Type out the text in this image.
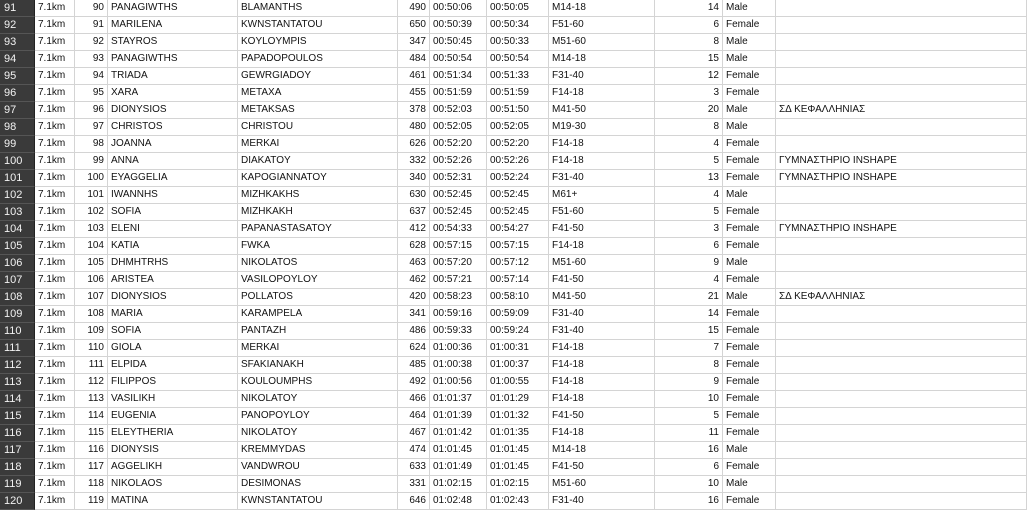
91	7.1km	90 PANAGIWTHS	BLAMANTHS	490 00:50:06	00:50:05	M14-18	14 Male
92	7.1km	91 MARILENA	KWNSTANTATOU	650 00:50:39	00:50:34	F51-60	6 Female
93	7.1km	92 STAYROS	KOYLOYMPIS	347 00:50:45	00:50:33	M51-60	8 Male
94	7.1km	93 PANAGIWTHS	PAPADOPOULOS	484 00:50:54	00:50:54	M14-18	15 Male
95	7.1km	94 TRIADA	GEWRGIADOY	461 00:51:34	00:51:33	F31-40	12 Female
96	7.1km	95 XARA	METAXA	455 00:51:59	00:51:59	F14-18	3 Female
97	7.1km	96 DIONYSIOS	METAKSAS	378 00:52:03	00:51:50	M41-50	20 Male	ΣΔ ΚΕΦΑΛΛΗΝΙΑΣ
98	7.1km	97 CHRISTOS	CHRISTOU	480 00:52:05	00:52:05	M19-30	8 Male
99	7.1km	98 JOANNA	MERKAI	626 00:52:20	00:52:20	F14-18	4 Female
100	7.1km	99 ANNA	DIAKATOY	332 00:52:26	00:52:26	F14-18	5 Female	ΓΥΜΝΑΣΤΗΡΙΟ INSHAPE
101	7.1km	100 EYAGGELIA	KAPOGIANNATOY	340 00:52:31	00:52:24	F31-40	13 Female	ΓΥΜΝΑΣΤΗΡΙΟ INSHAPE
102	7.1km	101 IWANNHS	MIZHKAKHS	630 00:52:45	00:52:45	M61+	4 Male
103	7.1km	102 SOFIA	MIZHKAKH	637 00:52:45	00:52:45	F51-60	5 Female
104	7.1km	103 ELENI	PAPANASTASATOY	412 00:54:33	00:54:27	F41-50	3 Female	ΓΥΜΝΑΣΤΗΡΙΟ INSHAPE
105	7.1km	104 KATIA	FWKA	628 00:57:15	00:57:15	F14-18	6 Female
106	7.1km	105 DHMHTRHS	NIKOLATOS	463 00:57:20	00:57:12	M51-60	9 Male
107	7.1km	106 ARISTEA	VASILOPOYLOY	462 00:57:21	00:57:14	F41-50	4 Female
108	7.1km	107 DIONYSIOS	POLLATOS	420 00:58:23	00:58:10	M41-50	21 Male	ΣΔ ΚΕΦΑΛΛΗΝΙΑΣ
109	7.1km	108 MARIA	KARAMPELA	341 00:59:16	00:59:09	F31-40	14 Female
110	7.1km	109 SOFIA	PANTAZH	486 00:59:33	00:59:24	F31-40	15 Female
111	7.1km	110 GIOLA	MERKAI	624 01:00:36	01:00:31	F14-18	7 Female
112	7.1km	111 ELPIDA	SFAKIANAKH	485 01:00:38	01:00:37	F14-18	8 Female
113	7.1km	112 FILIPPOS	KOULOUMPHS	492 01:00:56	01:00:55	F14-18	9 Female
114	7.1km	113 VASILIKH	NIKOLATOY	466 01:01:37	01:01:29	F14-18	10 Female
115	7.1km	114 EUGENIA	PANOPOYLOY	464 01:01:39	01:01:32	F41-50	5 Female
116	7.1km	115 ELEYTHERIA	NIKOLATOY	467 01:01:42	01:01:35	F14-18	11 Female
117	7.1km	116 DIONYSIS	KREMMYDAS	474 01:01:45	01:01:45	M14-18	16 Male
118	7.1km	117 AGGELIKH	VANDWROU	633 01:01:49	01:01:45	F41-50	6 Female
119	7.1km	118 NIKOLAOS	DESIMONAS	331 01:02:15	01:02:15	M51-60	10 Male
120	7.1km	119 MATINA	KWNSTANTATOU	646 01:02:48	01:02:43	F31-40	16 Female
